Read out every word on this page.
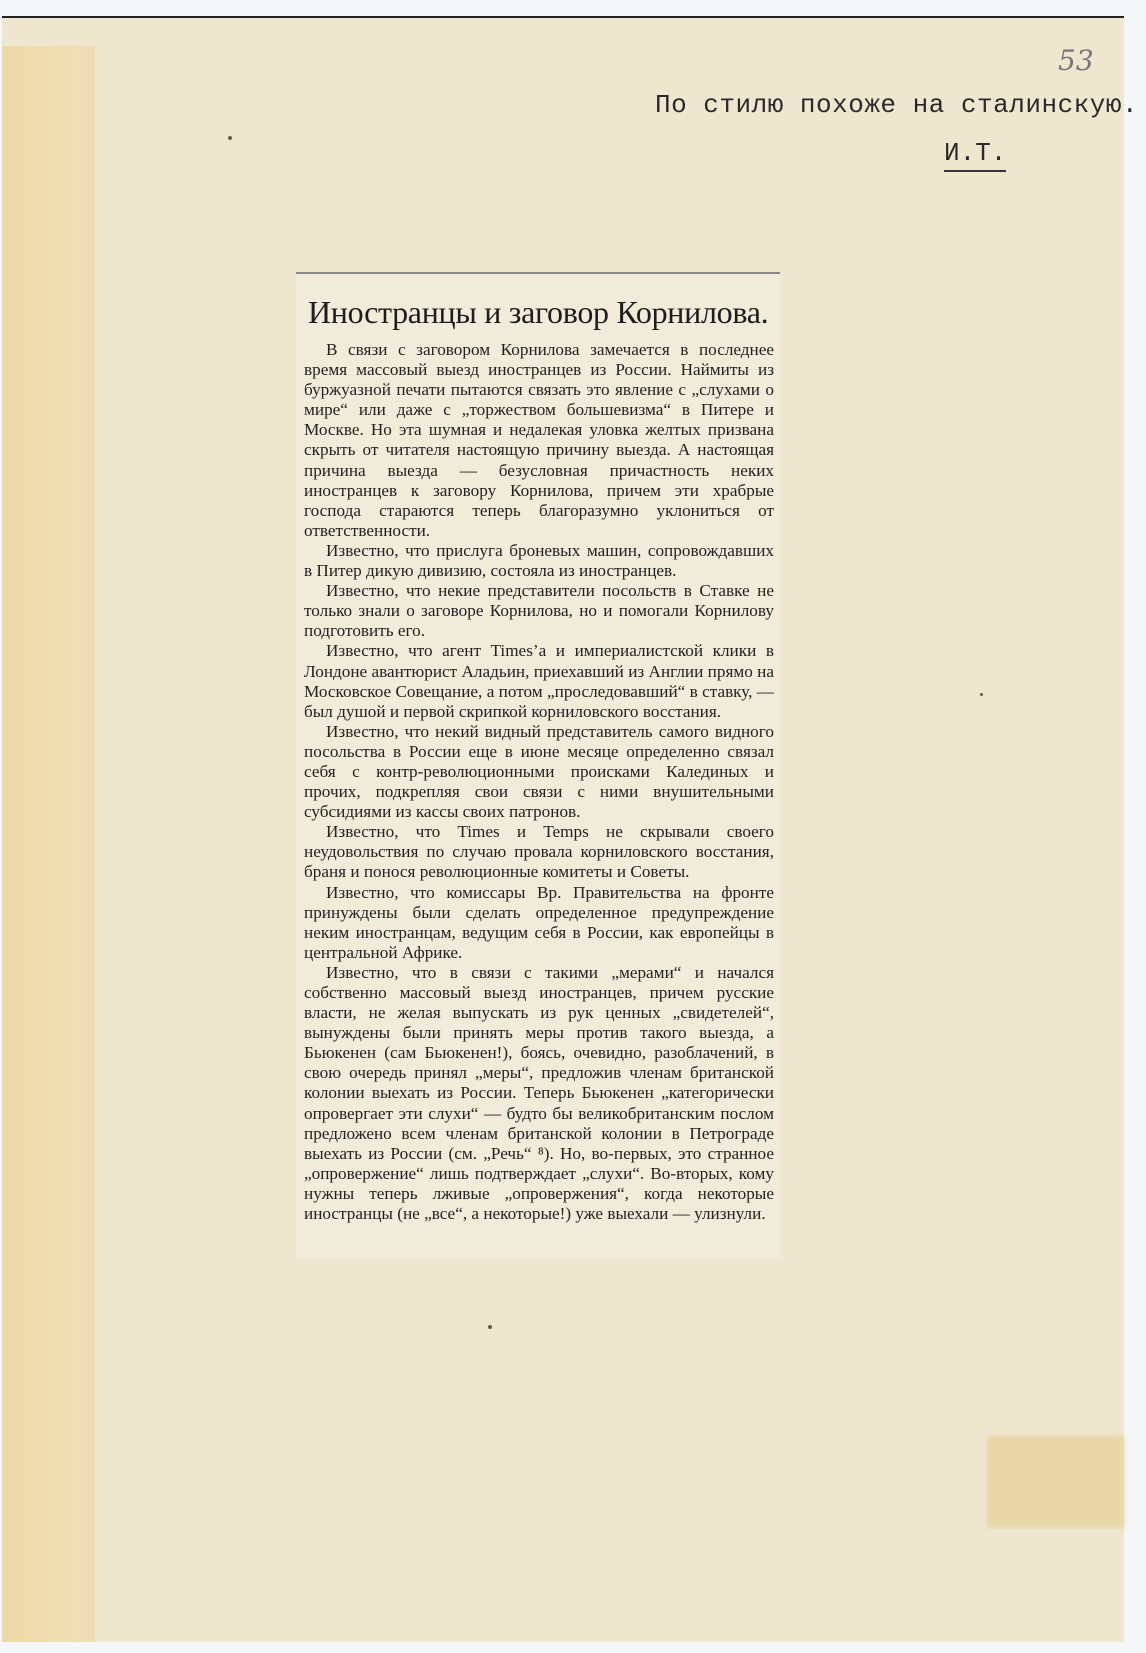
53
По стилю похоже на сталинскую.
И.Т.
Иностранцы и заговор Корнилова.

В связи с заговором Корнилова замечается в последнее время массовый выезд иностранцев из России. Наймиты из буржуазной печати пытаются связать это явление с „слухами о мире“ или даже с „торжеством большевизма“ в Питере и Москве. Но эта шумная и недалекая уловка желтых призвана скрыть от читателя настоящую причину выезда. А настоящая причина выезда — безусловная причастность неких иностранцев к заговору Корнилова, причем эти храбрые господа стараются теперь благоразумно уклониться от ответственности.

Известно, что прислуга броневых машин, сопровождавших в Питер дикую дивизию, состояла из иностранцев.

Известно, что некие представители посольств в Ставке не только знали о заговоре Корнилова, но и помогали Корнилову подготовить его.

Известно, что агент Times’a и империалистской клики в Лондоне авантюрист Аладьин, приехавший из Англии прямо на Московское Совещание, а потом „проследовавший“ в ставку, — был душой и первой скрипкой корниловского восстания.

Известно, что некий видный представитель самого видного посольства в России еще в июне месяце определенно связал себя с контр-революционными происками Калединых и прочих, подкрепляя свои связи с ними внушительными субсидиями из кассы своих патронов.

Известно, что Times и Temps не скрывали своего неудовольствия по случаю провала корниловского восстания, браня и понося революционные комитеты и Советы.

Известно, что комиссары Вр. Правительства на фронте принуждены были сделать определенное предупреждение неким иностранцам, ведущим себя в России, как европейцы в центральной Африке.

Известно, что в связи с такими „мерами“ и начался собственно массовый выезд иностранцев, причем русские власти, не желая выпускать из рук ценных „свидетелей“, вынуждены были принять меры против такого выезда, а Бьюкенен (сам Бьюкенен!), боясь, очевидно, разоблачений, в свою очередь принял „меры“, предложив членам британской колонии выехать из России. Теперь Бьюкенен „категорически опровергает эти слухи“ — будто бы великобританским послом предложено всем членам британской колонии в Петрограде выехать из России (см. „Речь“ ⁸). Но, во-первых, это странное „опровержение“ лишь подтверждает „слухи“. Во-вторых, кому нужны теперь лживые „опровержения“, когда некоторые иностранцы (не „все“, а некоторые!) уже выехали — улизнули.
